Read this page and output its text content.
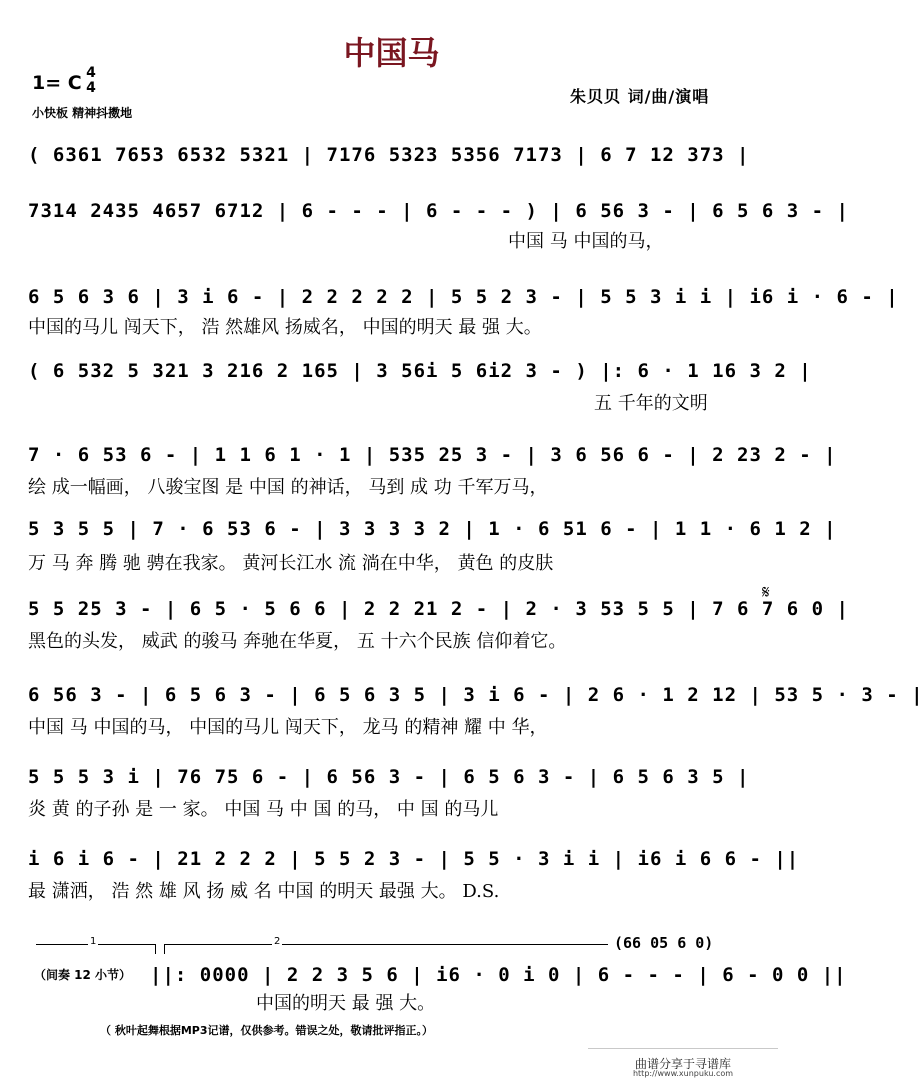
中国马
1= C 4
4
小快板 精神抖擞地
朱贝贝 词/曲/演唱
( 6361 7653 6532 5321 | 7176 5323 5356 7173 | 6 7 12 373 |
7314 2435 4657 6712 | 6 - - - | 6 - - - ) | 6 56 3 - | 6 5 6 3 - |
中国 马 中国的马，
6 5 6 3 6 | 3 i 6 - | 2 2 2 2 2 | 5 5 2 3 - | 5 5 3 i i | i6 i · 6 - |
中国的马儿 闯天下， 浩 然雄风 扬威名， 中国的明天 最 强 大。
( 6 532 5 321 3 216 2 165 | 3 56i 5 6i2 3 - ) |: 6 · 1 16 3 2 |
五 千年的文明
7 · 6 53 6 - | 1 1 6 1 · 1 | 535 25 3 - | 3 6 56 6 - | 2 23 2 - |
绘 成一幅画， 八骏宝图 是 中国 的神话， 马到 成 功 千军万马，
5 3 5 5 | 7 · 6 53 6 - | 3 3 3 3 2 | 1 · 6 51 6 - | 1 1 · 6 1 2 |
万 马 奔 腾 驰 骋在我家。 黄河长江水 流 淌在中华， 黄色 的皮肤
5 5 25 3 - | 6 5 · 5 6 6 | 2 2 21 2 - | 2 · 3 53 5 5 | 7 6 7 6 0 |
黑色的头发， 威武 的骏马 奔驰在华夏， 五 十六个民族 信仰着它。
𝄋
6 56 3 - | 6 5 6 3 - | 6 5 6 3 5 | 3 i 6 - | 2 6 · 1 2 12 | 53 5 · 3 - |
中国 马 中国的马， 中国的马儿 闯天下， 龙马 的精神 耀 中 华，
5 5 5 3 i | 76 75 6 - | 6 56 3 - | 6 5 6 3 - | 6 5 6 3 5 |
炎 黄 的子孙 是 一 家。 中国 马 中 国 的马， 中 国 的马儿
i 6 i 6 - | 21 2 2 2 | 5 5 2 3 - | 5 5 · 3 i i | i6 i 6 6 - ||
最 潇洒， 浩 然 雄 风 扬 威 名 中国 的明天 最强 大。 D.S.
1	2	(66 05 6 0)
（间奏 12 小节） ||: 0000 | 2 2 3 5 6 | i6 · 0 i 0 | 6 - - - | 6 - 0 0 ||
中国的明天 最 强 大。
（ 秋叶起舞根据MP3记谱，仅供参考。错误之处，敬请批评指正。）
曲谱分享于寻谱库
http://www.xunpuku.com
